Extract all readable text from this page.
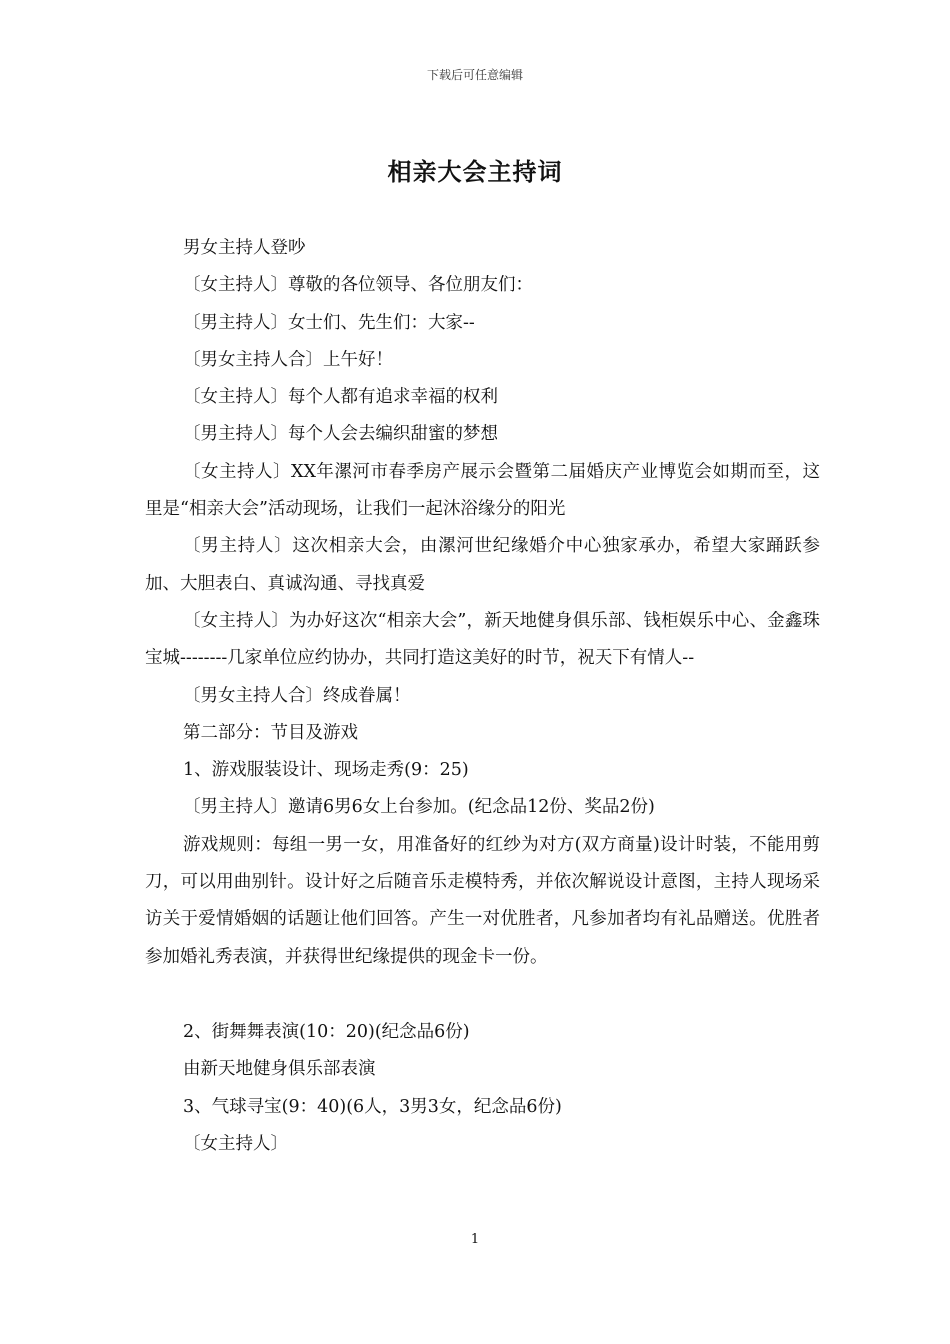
下载后可任意编辑
相亲大会主持词

男女主持人登吵

〔女主持人〕尊敬的各位领导、各位朋友们：

〔男主持人〕女士们、先生们：大家--

〔男女主持人合〕上午好！

〔女主持人〕每个人都有追求幸福的权利

〔男主持人〕每个人会去编织甜蜜的梦想

〔女主持人〕XX年漯河市春季房产展示会暨第二届婚庆产业博览会如期而至，这里是“相亲大会”活动现场，让我们一起沐浴缘分的阳光

〔男主持人〕这次相亲大会，由漯河世纪缘婚介中心独家承办，希望大家踊跃参加、大胆表白、真诚沟通、寻找真爱

〔女主持人〕为办好这次“相亲大会”，新天地健身俱乐部、钱柜娱乐中心、金鑫珠宝城--------几家单位应约协办，共同打造这美好的时节，祝天下有情人--

〔男女主持人合〕终成眷属！

第二部分：节目及游戏

1、游戏服装设计、现场走秀(9：25)

〔男主持人〕邀请6男6女上台参加。(纪念品12份、奖品2份)

游戏规则：每组一男一女，用准备好的红纱为对方(双方商量)设计时装，不能用剪刀，可以用曲别针。设计好之后随音乐走模特秀，并依次解说设计意图，主持人现场采访关于爱情婚姻的话题让他们回答。产生一对优胜者，凡参加者均有礼品赠送。优胜者参加婚礼秀表演，并获得世纪缘提供的现金卡一份。

2、街舞舞表演(10：20)(纪念品6份)

由新天地健身俱乐部表演

3、气球寻宝(9：40)(6人，3男3女，纪念品6份)

〔女主持人〕

1
